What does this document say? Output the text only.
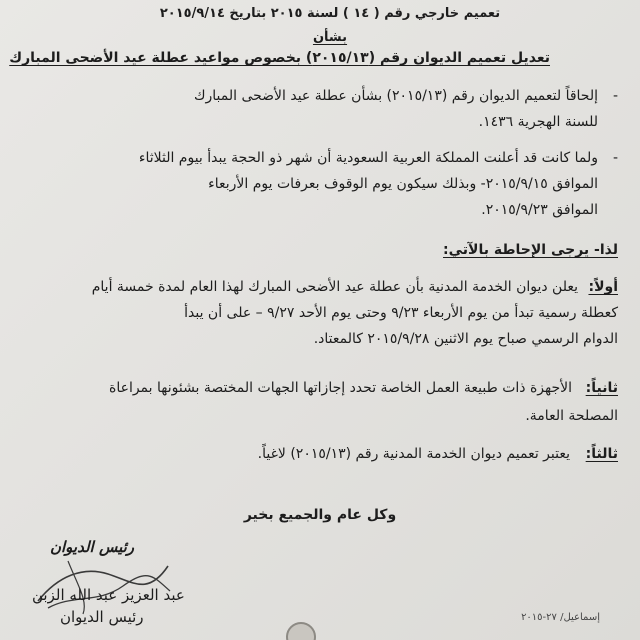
تعميم خارجي رقم ( ١٤ ) لسنة ٢٠١٥ بتاريخ ٢٠١٥/٩/١٤
بشأن
تعديل تعميم الديوان رقم (٢٠١٥/١٣) بخصوص مواعيد عطلة عيد الأضحى المبارك
-
إلحاقاً لتعميم الديوان رقم (٢٠١٥/١٣) بشأن عطلة عيد الأضحى المبارك
للسنة الهجرية ١٤٣٦.
-
ولما كانت قد أعلنت المملكة العربية السعودية أن شهر ذو الحجة يبدأ بيوم الثلاثاء
الموافق ٢٠١٥/٩/١٥- وبذلك سيكون يوم الوقوف بعرفات يوم الأربعاء
الموافق ٢٠١٥/٩/٢٣.
لذا- يرجى الإحاطة بالآتي:
أولاً:
يعلن ديوان الخدمة المدنية بأن عطلة عيد الأضحى المبارك لهذا العام لمدة خمسة أيام
كعطلة رسمية تبدأ من يوم الأربعاء ٩/٢٣ وحتى يوم الأحد ٩/٢٧ – على أن يبدأ
الدوام الرسمي صباح يوم الاثنين ٢٠١٥/٩/٢٨ كالمعتاد.
ثانياً:
الأجهزة ذات طبيعة العمل الخاصة تحدد إجازاتها الجهات المختصة بشئونها بمراعاة
المصلحة العامة.
ثالثاً:
يعتبر تعميم ديوان الخدمة المدنية رقم (٢٠١٥/١٣) لاغياً.
وكل عام والجميع بخير
رئيس الديوان
عبد العزيز عبد الله الزبن
رئيس الديوان	إسماعيل/ ٢٧-٢٠١٥
